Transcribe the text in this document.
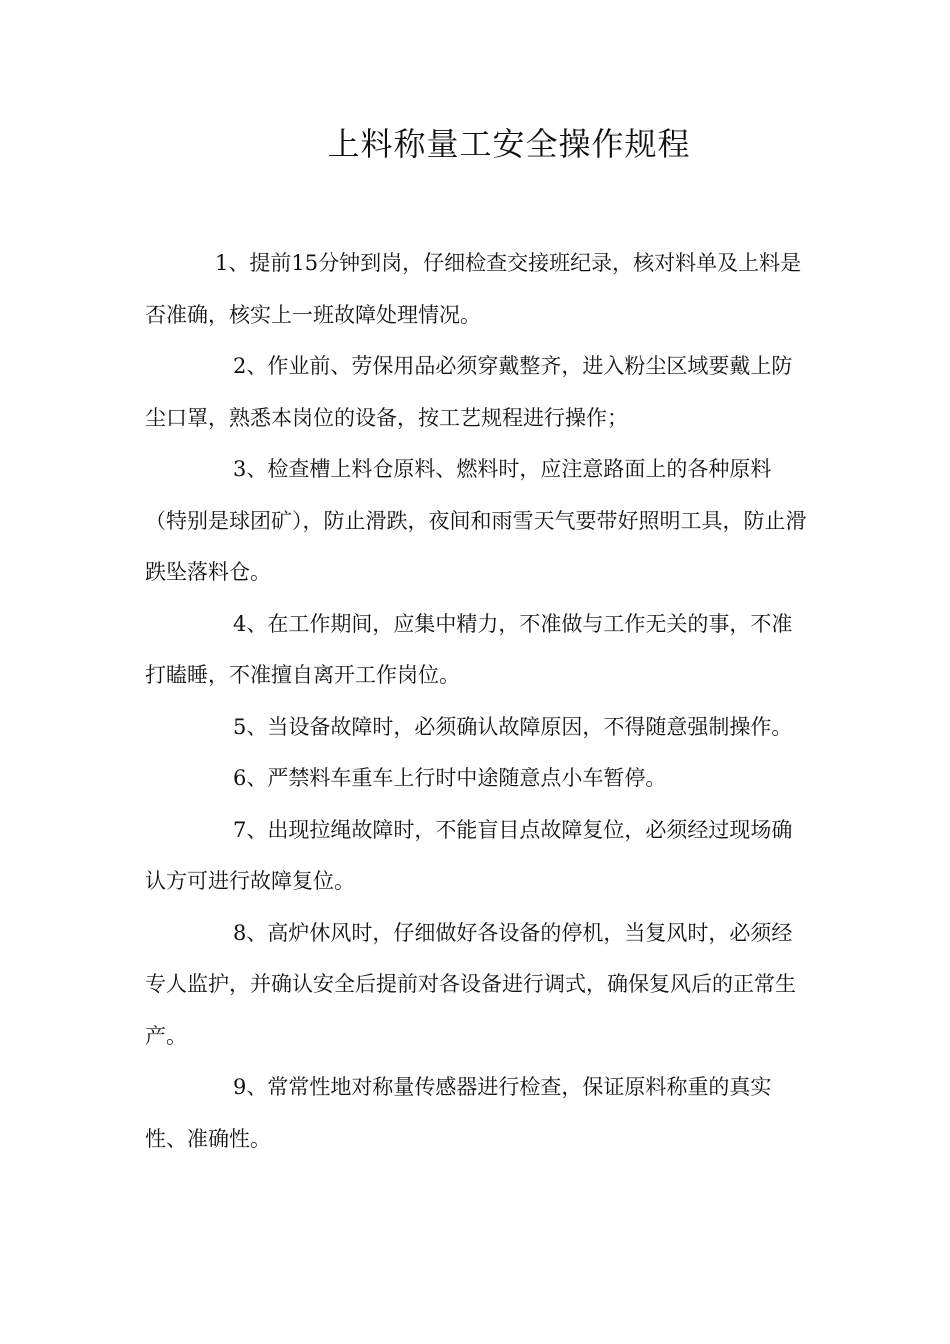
上料称量工安全操作规程

1、提前15分钟到岗，仔细检查交接班纪录，核对料单及上料是否准确，核实上一班故障处理情况。

2、作业前、劳保用品必须穿戴整齐，进入粉尘区域要戴上防尘口罩，熟悉本岗位的设备，按工艺规程进行操作；

3、检查槽上料仓原料、燃料时，应注意路面上的各种原料（特别是球团矿），防止滑跌，夜间和雨雪天气要带好照明工具，防止滑跌坠落料仓。

4、在工作期间，应集中精力，不准做与工作无关的事，不准打瞌睡，不准擅自离开工作岗位。

5、当设备故障时，必须确认故障原因，不得随意强制操作。

6、严禁料车重车上行时中途随意点小车暂停。

7、出现拉绳故障时，不能盲目点故障复位，必须经过现场确认方可进行故障复位。

8、高炉休风时，仔细做好各设备的停机，当复风时，必须经专人监护，并确认安全后提前对各设备进行调式，确保复风后的正常生产。

9、常常性地对称量传感器进行检查，保证原料称重的真实性、准确性。
